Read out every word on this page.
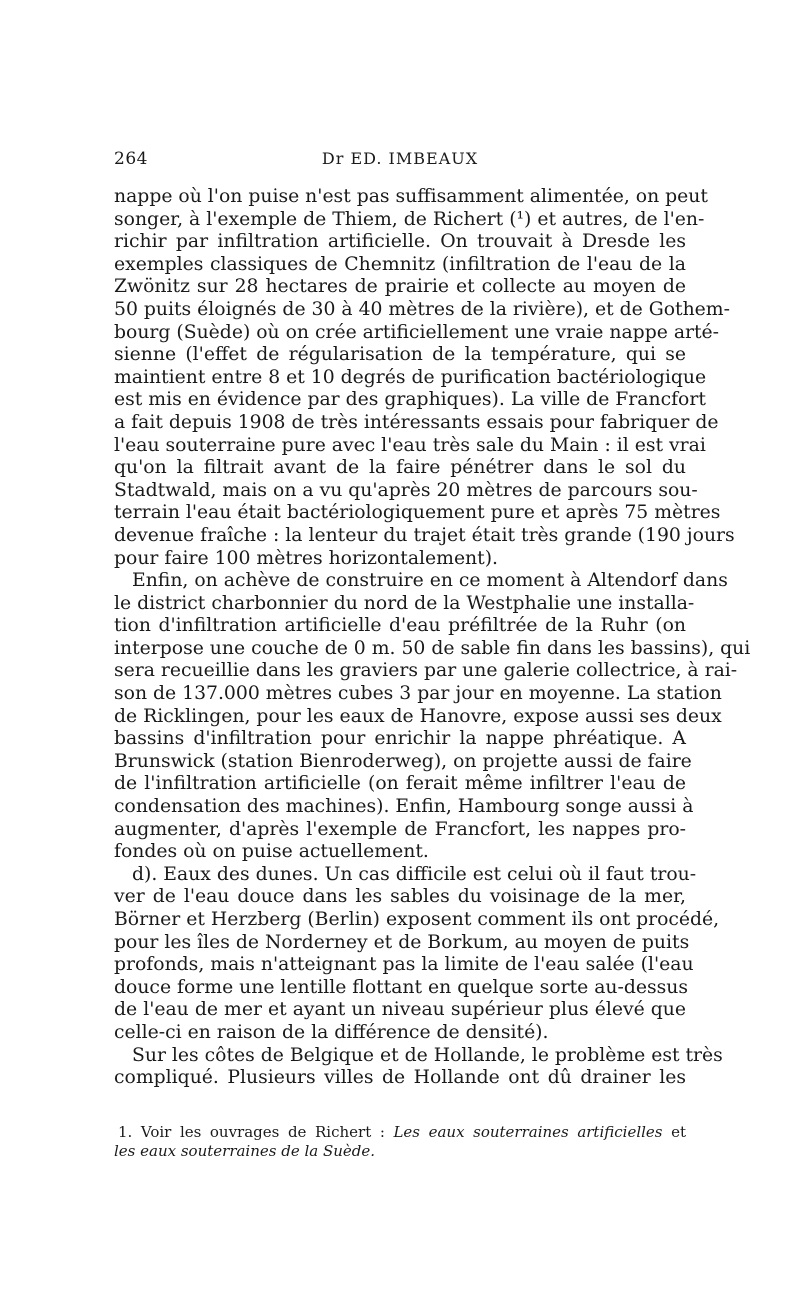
264	Dr ED. IMBEAUX
nappe où l'on puise n'est pas suffisamment alimentée, on peut
songer, à l'exemple de Thiem, de Richert (¹) et autres, de l'en-
richir par infiltration artificielle. On trouvait à Dresde les
exemples classiques de Chemnitz (infiltration de l'eau de la
Zwönitz sur 28 hectares de prairie et collecte au moyen de
50 puits éloignés de 30 à 40 mètres de la rivière), et de Gothem-
bourg (Suède) où on crée artificiellement une vraie nappe arté-
sienne (l'effet de régularisation de la température, qui se
maintient entre 8 et 10 degrés de purification bactériologique
est mis en évidence par des graphiques). La ville de Francfort
a fait depuis 1908 de très intéressants essais pour fabriquer de
l'eau souterraine pure avec l'eau très sale du Main : il est vrai
qu'on la filtrait avant de la faire pénétrer dans le sol du
Stadtwald, mais on a vu qu'après 20 mètres de parcours sou-
terrain l'eau était bactériologiquement pure et après 75 mètres
devenue fraîche : la lenteur du trajet était très grande (190 jours
pour faire 100 mètres horizontalement).
Enfin, on achève de construire en ce moment à Altendorf dans
le district charbonnier du nord de la Westphalie une installa-
tion d'infiltration artificielle d'eau préfiltrée de la Ruhr (on
interpose une couche de 0 m. 50 de sable fin dans les bassins), qui
sera recueillie dans les graviers par une galerie collectrice, à rai-
son de 137.000 mètres cubes 3 par jour en moyenne. La station
de Ricklingen, pour les eaux de Hanovre, expose aussi ses deux
bassins d'infiltration pour enrichir la nappe phréatique. A
Brunswick (station Bienroderweg), on projette aussi de faire
de l'infiltration artificielle (on ferait même infiltrer l'eau de
condensation des machines). Enfin, Hambourg songe aussi à
augmenter, d'après l'exemple de Francfort, les nappes pro-
fondes où on puise actuellement.
d). Eaux des dunes. Un cas difficile est celui où il faut trou-
ver de l'eau douce dans les sables du voisinage de la mer,
Börner et Herzberg (Berlin) exposent comment ils ont procédé,
pour les îles de Norderney et de Borkum, au moyen de puits
profonds, mais n'atteignant pas la limite de l'eau salée (l'eau
douce forme une lentille flottant en quelque sorte au-dessus
de l'eau de mer et ayant un niveau supérieur plus élevé que
celle-ci en raison de la différence de densité).
Sur les côtes de Belgique et de Hollande, le problème est très
compliqué. Plusieurs villes de Hollande ont dû drainer les
1. Voir les ouvrages de Richert : Les eaux souterraines artificielles et
les eaux souterraines de la Suède.
